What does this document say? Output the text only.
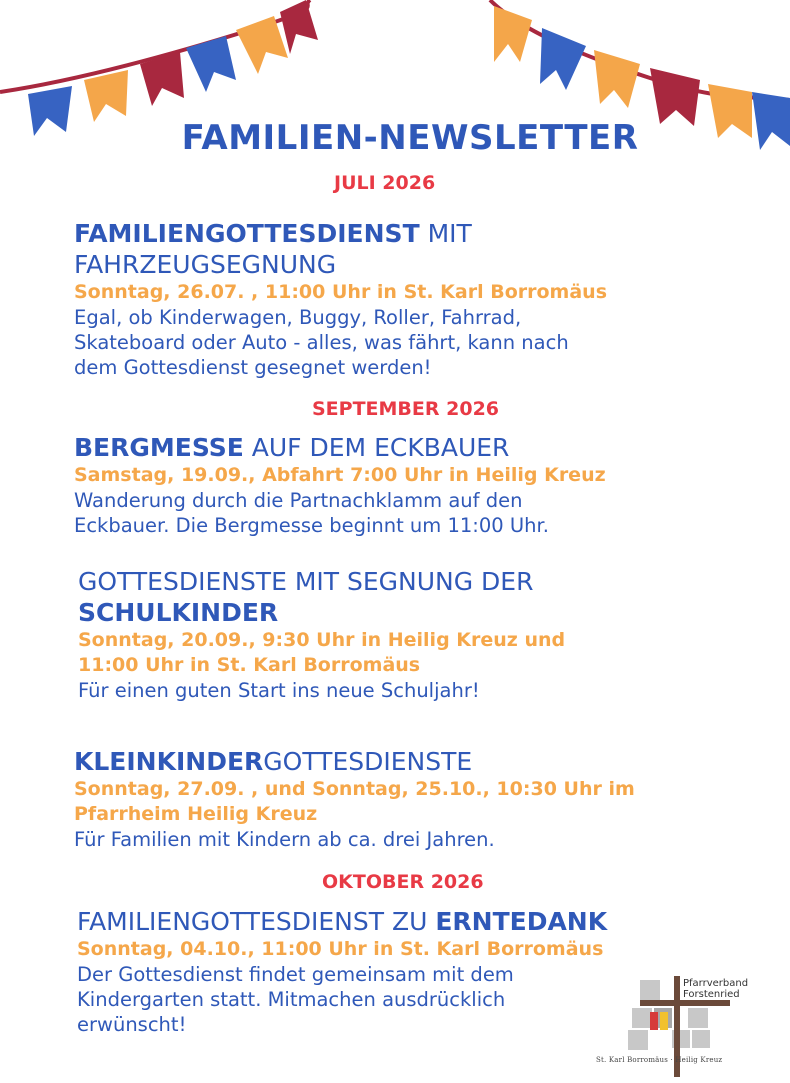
FAMILIEN-NEWSLETTER
JULI 2026
FAMILIENGOTTESDIENST MIT
FAHRZEUGSEGNUNG
Sonntag, 26.07. , 11:00 Uhr in St. Karl Borromäus
Egal, ob Kinderwagen, Buggy, Roller, Fahrrad,
Skateboard oder Auto - alles, was fährt, kann nach
dem Gottesdienst gesegnet werden!
SEPTEMBER 2026
BERGMESSE AUF DEM ECKBAUER
Samstag, 19.09., Abfahrt 7:00 Uhr in Heilig Kreuz
Wanderung durch die Partnachklamm auf den
Eckbauer. Die Bergmesse beginnt um 11:00 Uhr.
GOTTESDIENSTE MIT SEGNUNG DER
SCHULKINDER
Sonntag, 20.09., 9:30 Uhr in Heilig Kreuz und
11:00 Uhr in St. Karl Borromäus
Für einen guten Start ins neue Schuljahr!
KLEINKINDERGOTTESDIENSTE
Sonntag, 27.09. , und Sonntag, 25.10., 10:30 Uhr im
Pfarrheim Heilig Kreuz
Für Familien mit Kindern ab ca. drei Jahren.
OKTOBER 2026
FAMILIENGOTTESDIENST ZU ERNTEDANK
Sonntag, 04.10., 11:00 Uhr in St. Karl Borromäus
Der Gottesdienst findet gemeinsam mit dem
Kindergarten statt. Mitmachen ausdrücklich
erwünscht!
Pfarrverband
Forstenried
St. Karl Borromäus · Heilig Kreuz
